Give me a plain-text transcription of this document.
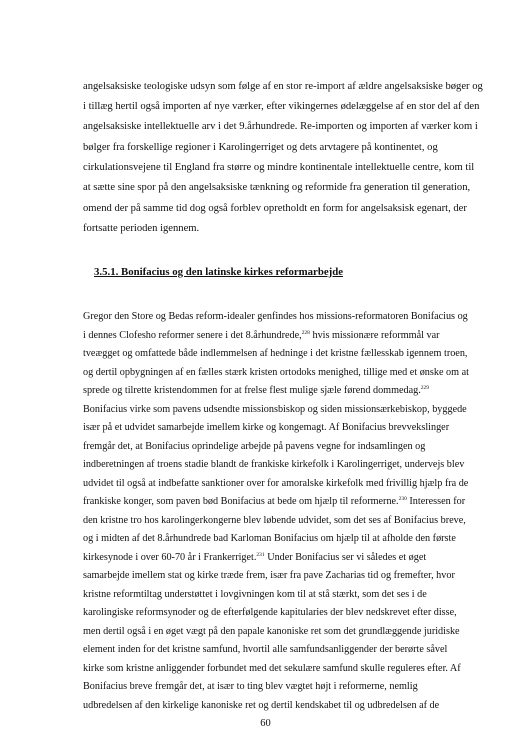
angelsaksiske teologiske udsyn som følge af en stor re-import af ældre angelsaksiske bøger og
i tillæg hertil også importen af nye værker, efter vikingernes ødelæggelse af en stor del af den
angelsaksiske intellektuelle arv i det 9.århundrede. Re-importen og importen af værker kom i
bølger fra forskellige regioner i Karolingerriget og dets arvtagere på kontinentet, og
cirkulationsvejene til England fra større og mindre kontinentale intellektuelle centre, kom til
at sætte sine spor på den angelsaksiske tænkning og reformide fra generation til generation,
omend der på samme tid dog også forblev opretholdt en form for angelsaksisk egenart, der
fortsatte perioden igennem.
3.5.1. Bonifacius og den latinske kirkes reformarbejde
Gregor den Store og Bedas reform-idealer genfindes hos missions-reformatoren Bonifacius og
i dennes Clofesho reformer senere i det 8.århundrede,$^{228}$ hvis missionære reformmål var
tveægget og omfattede både indlemmelsen af hedninge i det kristne fællesskab igennem troen,
og dertil opbygningen af en fælles stærk kristen ortodoks menighed, tillige med et ønske om at
sprede og tilrette kristendommen for at frelse flest mulige sjæle førend dommedag.$^{229}$
Bonifacius virke som pavens udsendte missionsbiskop og siden missionsærkebiskop, byggede
især på et udvidet samarbejde imellem kirke og kongemagt. Af Bonifacius brevvekslinger
fremgår det, at Bonifacius oprindelige arbejde på pavens vegne for indsamlingen og
indberetningen af troens stadie blandt de frankiske kirkefolk i Karolingerriget, undervejs blev
udvidet til også at indbefatte sanktioner over for amoralske kirkefolk med frivillig hjælp fra de
frankiske konger, som paven bød Bonifacius at bede om hjælp til reformerne.$^{230}$ Interessen for
den kristne tro hos karolingerkongerne blev løbende udvidet, som det ses af Bonifacius breve,
og i midten af det 8.århundrede bad Karloman Bonifacius om hjælp til at afholde den første
kirkesynode i over 60-70 år i Frankerriget.$^{231}$ Under Bonifacius ser vi således et øget
samarbejde imellem stat og kirke træde frem, især fra pave Zacharias tid og fremefter, hvor
kristne reformtiltag understøttet i lovgivningen kom til at stå stærkt, som det ses i de
karolingiske reformsynoder og de efterfølgende kapitularies der blev nedskrevet efter disse,
men dertil også i en øget vægt på den papale kanoniske ret som det grundlæggende juridiske
element inden for det kristne samfund, hvortil alle samfundsanliggender der berørte såvel
kirke som kristne anliggender forbundet med det sekulære samfund skulle reguleres efter. Af
Bonifacius breve fremgår det, at især to ting blev vægtet højt i reformerne, nemlig
udbredelsen af den kirkelige kanoniske ret og dertil kendskabet til og udbredelsen af de
60
